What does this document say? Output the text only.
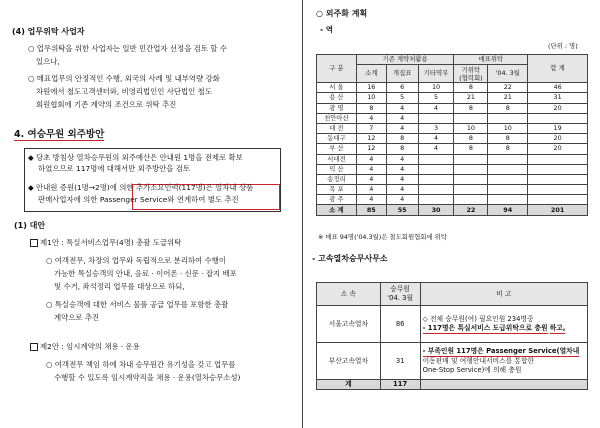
(4) 업무위탁 사업자
○ 업무위탁을 위한 사업자는 일반 민간업자 선정을 검토 할 수
있으나,
○ 매표업무의 안정적인 수행, 외국의 사례 및 내부역량 강화
차원에서 철도고객센터와, 비영리법인인 사단법인 철도
회원협회에 기존 계약의 조건으로 위탁 추진
4. 여승무원 외주방안
◆ 당초 방침상 열차승무원의 외주예산은 안내원 1명을 전제로 확보
하였으므로 117명에 대해서만 외주방안을 검토
◆ 안내원 증원(1명→2명)에 의한 추가소요인력(117명)은 열차내 상품
판매사업자에 의한 Passenger Service와 연계하여 별도 추진
(1) 대안
제1안 : 특실서비스업무(4명) 총괄 도급위탁
○ 여객전무, 차장의 업무와 독립적으로 분리하여 수행이
가능한 특실승객의 안내, 음료 · 이어폰 · 신문 · 잡지 배포
및 수거, 좌석정리 업무를 대상으로 하되,
○ 특실승객에 대한 서비스 물품 공급 업무를 포함한 총괄
계약으로 추진
제2안 : 임시계약의 채용 · 운용
○ 여객전무 책임 하에 차내 승무원간 유기성을 갖고 업무를
수행할 수 있도록 임시계약직을 채용 · 운용(열차승무소성)
○ 외주화 계획
- 역
(단위 : 명)
구 분	기존 계약처활용			매표위탁		합 계
	소계	개집표	기타역무	기위탁
(협력회)	'04. 3월	
서 울	16	6	10	8	22	46
용 산	10	5	5	21	21	31
광 명	8	4	4	8	8	20
천안아산	4	4				
대 전	7	4	3	10	10	19
동대구	12	8	4	8	8	20
부 산	12	8	4	8	8	20
서대전	4	4				
익 산	4	4				
송정리	4	4				
목 포	4	4				
광 주	4	4				
소 계	85	55	30	22	94	201
※ 매표 94명('04.3월)은 철도회원협회에 위탁
- 고속열차승무사무소
소 속	승무원
'04. 3월	비 고
서울고속열차	86	◇ 전체 승무원(여) 필요인원 234명중
- 117명은 특실서비스 도급위탁으로 충원 하고,
부산고속열차	31	- 부족인원 117명은 Passenger Service(열차내
이동판매 및 여행안내서비스를 통합한
One-Stop Service)에 의해 충원

계	117	
